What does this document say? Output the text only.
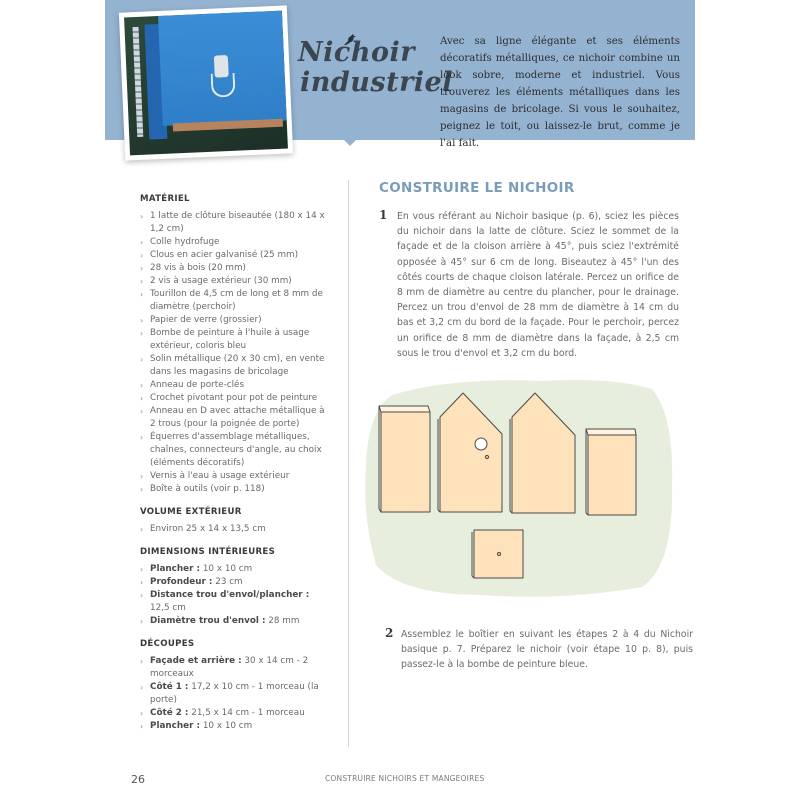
Nichoir
industriel
Avec sa ligne élégante et ses éléments décoratifs métalliques, ce nichoir combine un look sobre, moderne et industriel. Vous trouverez les éléments métalliques dans les magasins de bricolage. Si vous le souhaitez, peignez le toit, ou laissez-le brut, comme je l'ai fait.
MATÉRIEL
› 1 latte de clôture biseautée (180 x 14 x 1,2 cm)
› Colle hydrofuge
› Clous en acier galvanisé (25 mm)
› 28 vis à bois (20 mm)
› 2 vis à usage extérieur (30 mm)
› Tourillon de 4,5 cm de long et 8 mm de diamètre (perchoir)
› Papier de verre (grossier)
› Bombe de peinture à l'huile à usage extérieur, coloris bleu
› Solin métallique (20 x 30 cm), en vente dans les magasins de bricolage
› Anneau de porte-clés
› Crochet pivotant pour pot de peinture
› Anneau en D avec attache métallique à 2 trous (pour la poignée de porte)
› Équerres d'assemblage métalliques, chaînes, connecteurs d'angle, au choix (éléments décoratifs)
› Vernis à l'eau à usage extérieur
› Boîte à outils (voir p. 118)
VOLUME EXTÉRIEUR
› Environ 25 x 14 x 13,5 cm
DIMENSIONS INTÉRIEURES
› Plancher : 10 x 10 cm
› Profondeur : 23 cm
› Distance trou d'envol/plancher : 12,5 cm
› Diamètre trou d'envol : 28 mm
DÉCOUPES
› Façade et arrière : 30 x 14 cm - 2 morceaux
› Côté 1 : 17,2 x 10 cm - 1 morceau (la porte)
› Côté 2 : 21,5 x 14 cm - 1 morceau
› Plancher : 10 x 10 cm
CONSTRUIRE LE NICHOIR
1 En vous référant au Nichoir basique (p. 6), sciez les pièces du nichoir dans la latte de clôture. Sciez le sommet de la façade et de la cloison arrière à 45°, puis sciez l'extrémité opposée à 45° sur 6 cm de long. Biseautez à 45° l'un des côtés courts de chaque cloison latérale. Percez un orifice de 8 mm de diamètre au centre du plancher, pour le drainage. Percez un trou d'envol de 28 mm de diamètre à 14 cm du bas et 3,2 cm du bord de la façade. Pour le perchoir, percez un orifice de 8 mm de diamètre dans la façade, à 2,5 cm sous le trou d'envol et 3,2 cm du bord.
2 Assemblez le boîtier en suivant les étapes 2 à 4 du Nichoir basique p. 7. Préparez le nichoir (voir étape 10 p. 8), puis passez-le à la bombe de peinture bleue.
26	CONSTRUIRE NICHOIRS ET MANGEOIRES
